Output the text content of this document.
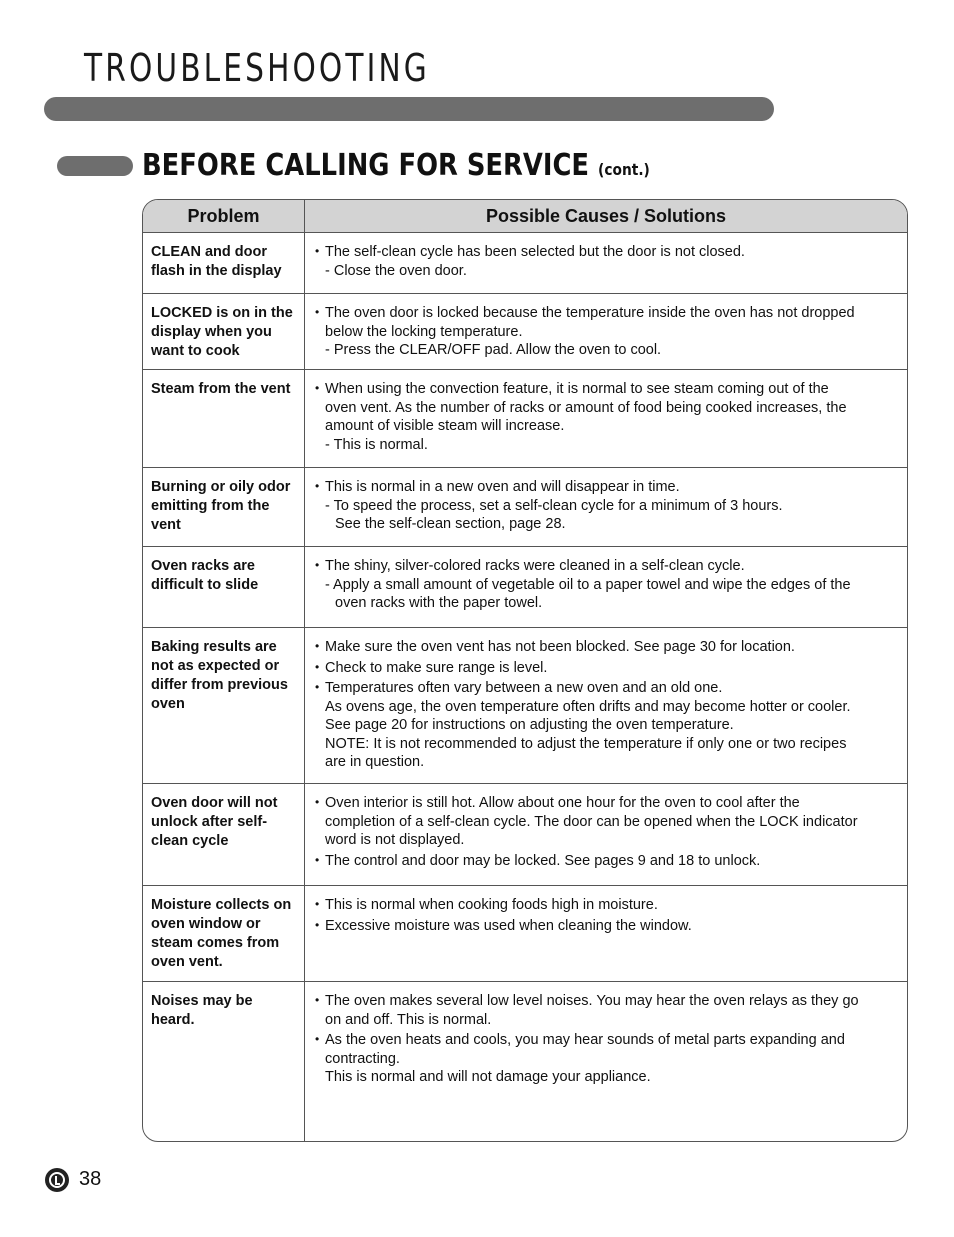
TROUBLESHOOTING
BEFORE CALLING FOR SERVICE (cont.)
Problem	Possible Causes / Solutions
CLEAN and door flash in the display
• The self-clean cycle has been selected but the door is not closed.
- Close the oven door.
LOCKED is on in the display when you want to cook
• The oven door is locked because the temperature inside the oven has not dropped
below the locking temperature.
- Press the CLEAR/OFF pad. Allow the oven to cool.
Steam from the vent
•	When using the convection feature, it is normal to see steam coming out of the
oven vent. As the number of racks or amount of food being cooked increases, the
amount of visible steam will increase.
- This is normal.
Burning or oily odor emitting from the vent
• This is normal in a new oven and will disappear in time.
- To speed the process, set a self-clean cycle for a minimum of 3 hours.
See the self-clean section, page 28.
Oven racks are difficult to slide
• The shiny, silver-colored racks were cleaned in a self-clean cycle.
- Apply a small amount of vegetable oil to a paper towel and wipe the edges of the
oven racks with the paper towel.
Baking results are not as expected or differ from previous oven
• Make sure the oven vent has not been blocked. See page 30 for location.
• Check to make sure range is level.
• Temperatures often vary between a new oven and an old one.
As ovens age, the oven temperature often drifts and may become hotter or cooler.
See page 20 for instructions on adjusting the oven temperature.
NOTE: It is not recommended to adjust the temperature if only one or two recipes
are in question.
Oven door will not unlock after self-clean cycle
• Oven interior is still hot. Allow about one hour for the oven to cool after the
completion of a self-clean cycle. The door can be opened when the LOCK indicator
word is not displayed.
• The control and door may be locked. See pages 9 and 18 to unlock.
Moisture collects on oven window or steam comes from oven vent.
• This is normal when cooking foods high in moisture.
• Excessive moisture was used when cleaning the window.
Noises may be heard.
• The oven makes several low level noises. You may hear the oven relays as they go
on and off. This is normal.
• As the oven heats and cools, you may hear sounds of metal parts expanding and
contracting.
This is normal and will not damage your appliance.
38
